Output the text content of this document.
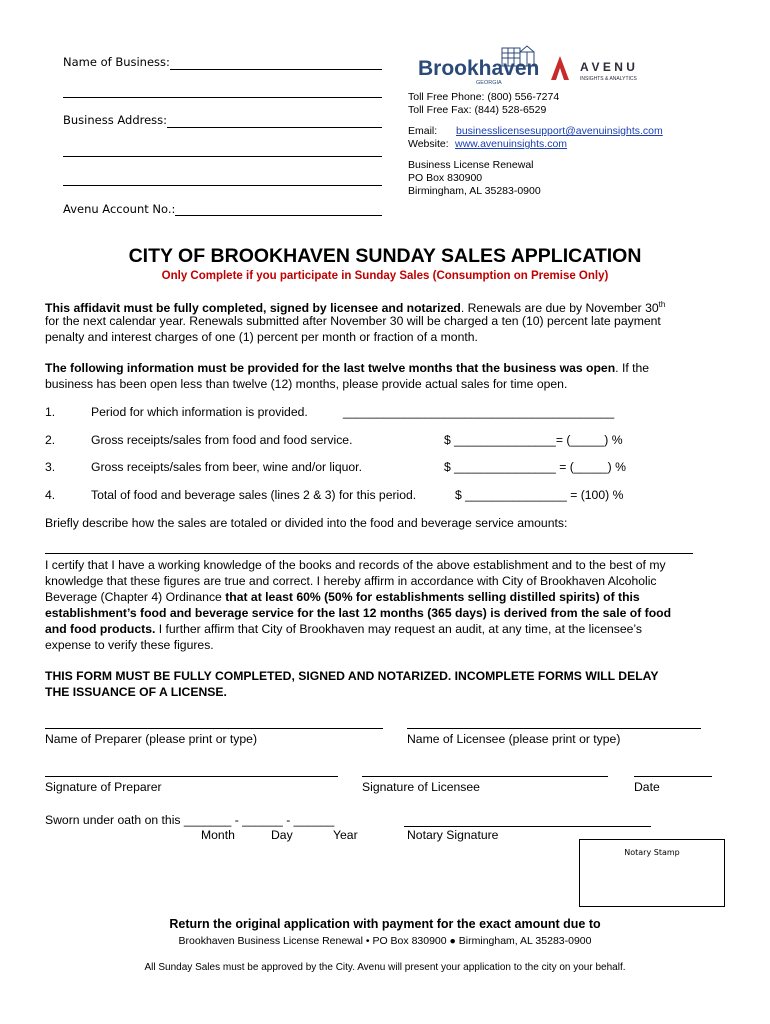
Name of Business:
Business Address:
Avenu Account No.:
Brookhaven
GEORGIA
A V E N U
INSIGHTS & ANALYTICS
Toll Free Phone: (800) 556-7274
Toll Free Fax: (844) 528-6529
Email: businesslicensesupport@avenuinsights.com
Website: www.avenuinsights.com
Business License Renewal
PO Box 830900
Birmingham, AL 35283-0900
CITY OF BROOKHAVEN SUNDAY SALES APPLICATION
Only Complete if you participate in Sunday Sales (Consumption on Premise Only)
This affidavit must be fully completed, signed by licensee and notarized. Renewals are due by November 30th
for the next calendar year. Renewals submitted after November 30 will be charged a ten (10) percent late payment
penalty and interest charges of one (1) percent per month or fraction of a month.
The following information must be provided for the last twelve months that the business was open. If the
business has been open less than twelve (12) months, please provide actual sales for time open.
1.	Period for which information is provided.	________________________________________
2.	Gross receipts/sales from food and food service.	$ _______________= (_____) %
3.	Gross receipts/sales from beer, wine and/or liquor.	$ _______________ = (_____) %
4.	Total of food and beverage sales (lines 2 & 3) for this period.	$ _______________ = (100) %
Briefly describe how the sales are totaled or divided into the food and beverage service amounts:
I certify that I have a working knowledge of the books and records of the above establishment and to the best of my
knowledge that these figures are true and correct. I hereby affirm in accordance with City of Brookhaven Alcoholic
Beverage (Chapter 4) Ordinance that at least 60% (50% for establishments selling distilled spirits) of this
establishment’s food and beverage service for the last 12 months (365 days) is derived from the sale of food
and food products. I further affirm that City of Brookhaven may request an audit, at any time, at the licensee’s
expense to verify these figures.
THIS FORM MUST BE FULLY COMPLETED, SIGNED AND NOTARIZED. INCOMPLETE FORMS WILL DELAY
THE ISSUANCE OF A LICENSE.
Name of Preparer (please print or type)	Name of Licensee (please print or type)
Signature of Preparer	Signature of Licensee	Date
Sworn under oath on this _______ - ______ - ______
Month	Day	Year	Notary Signature
Notary Stamp
Return the original application with payment for the exact amount due to
Brookhaven Business License Renewal • PO Box 830900 ● Birmingham, AL 35283-0900
All Sunday Sales must be approved by the City. Avenu will present your application to the city on your behalf.
